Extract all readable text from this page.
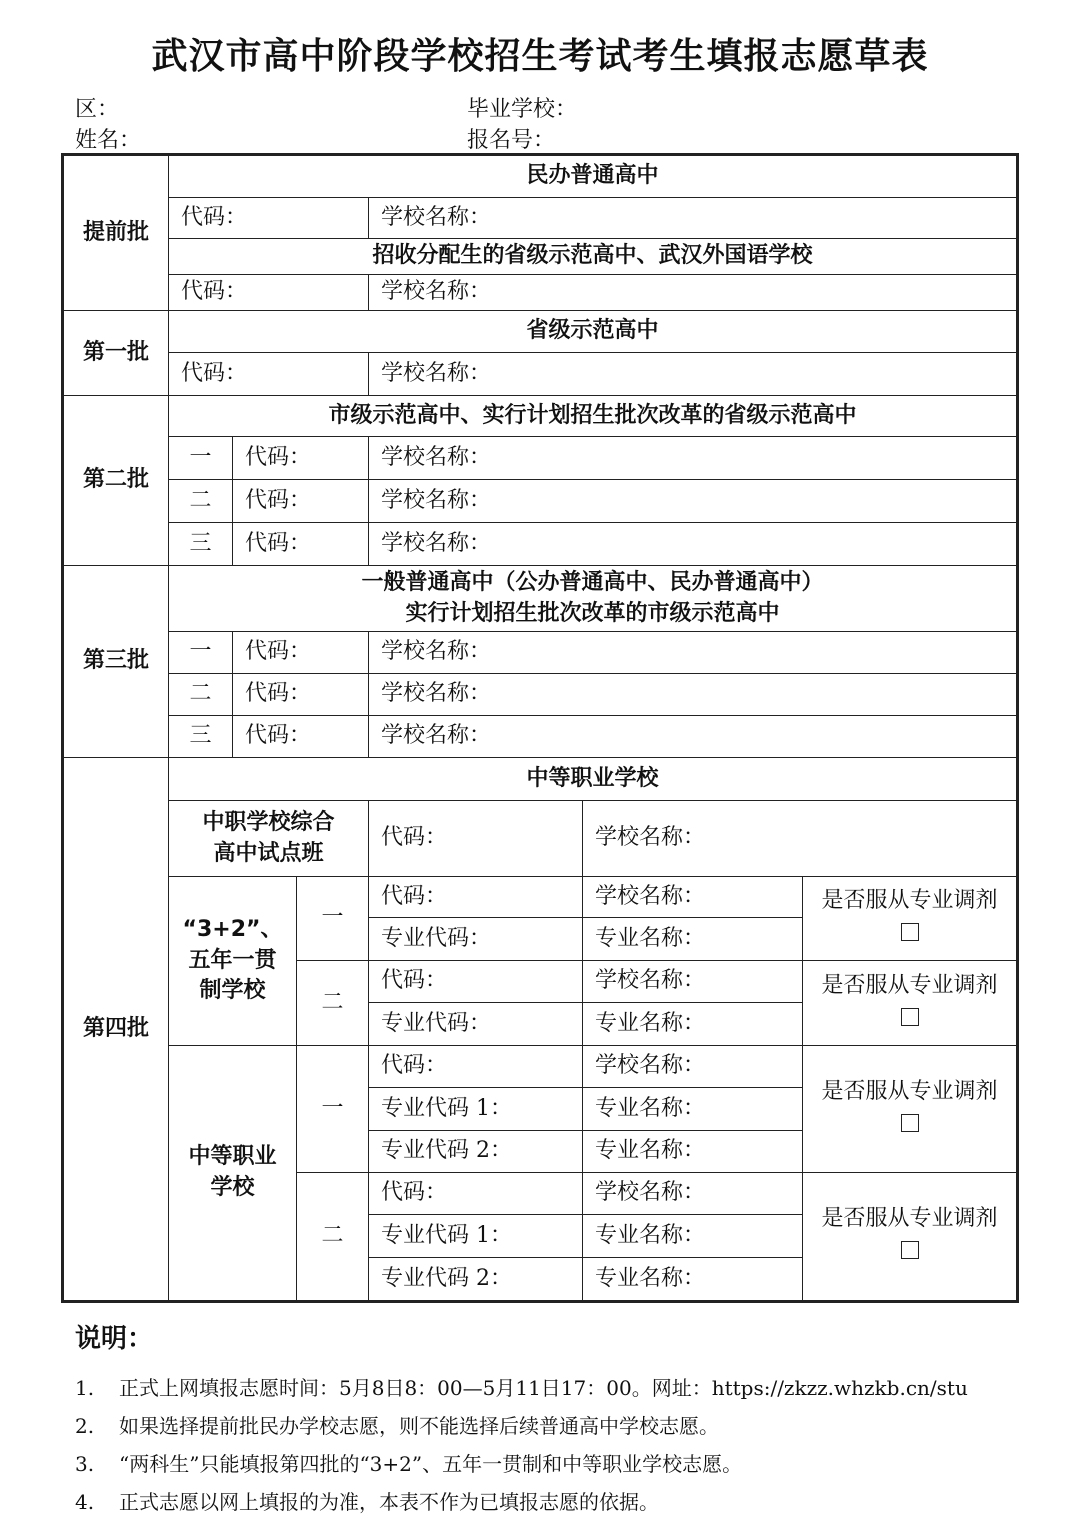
武汉市高中阶段学校招生考试考生填报志愿草表
区：	毕业学校：
姓名：	报名号：
提前批	民办普通高中					
	代码：			学校名称：		
	招收分配生的省级示范高中、武汉外国语学校					
	代码：			学校名称：		
第一批	省级示范高中					
	代码：			学校名称：		
第二批	市级示范高中、实行计划招生批次改革的省级示范高中					
	一	代码：		学校名称：		
	二	代码：		学校名称：		
	三	代码：		学校名称：		
第三批	一般普通高中（公办普通高中、民办普通高中）
实行计划招生批次改革的市级示范高中					

	一	代码：		学校名称：		
	二	代码：		学校名称：		
	三	代码：		学校名称：		
第四批	中等职业学校					

	中职学校综合
高中试点班			代码：	学校名称：	

	“3+2”、
五年一贯
制学校		一	代码：	学校名称：	是否服从专业调剂

				专业代码：	专业名称：	
			二	代码：	学校名称：	是否服从专业调剂

				专业代码：	专业名称：	

	中等职业
学校		一	代码：	学校名称：	是否服从专业调剂

				专业代码 1：	专业名称：	
				专业代码 2：	专业名称：	
			二	代码：	学校名称：	是否服从专业调剂

				专业代码 1：	专业名称：	
				专业代码 2：	专业名称：	
说明：
1.	正式上网填报志愿时间：5月8日8：00—5月11日17：00。网址：https://zkzz.whzkb.cn/stu
2.	如果选择提前批民办学校志愿，则不能选择后续普通高中学校志愿。
3.	“两科生”只能填报第四批的“3+2”、五年一贯制和中等职业学校志愿。
4.	正式志愿以网上填报的为准，本表不作为已填报志愿的依据。
